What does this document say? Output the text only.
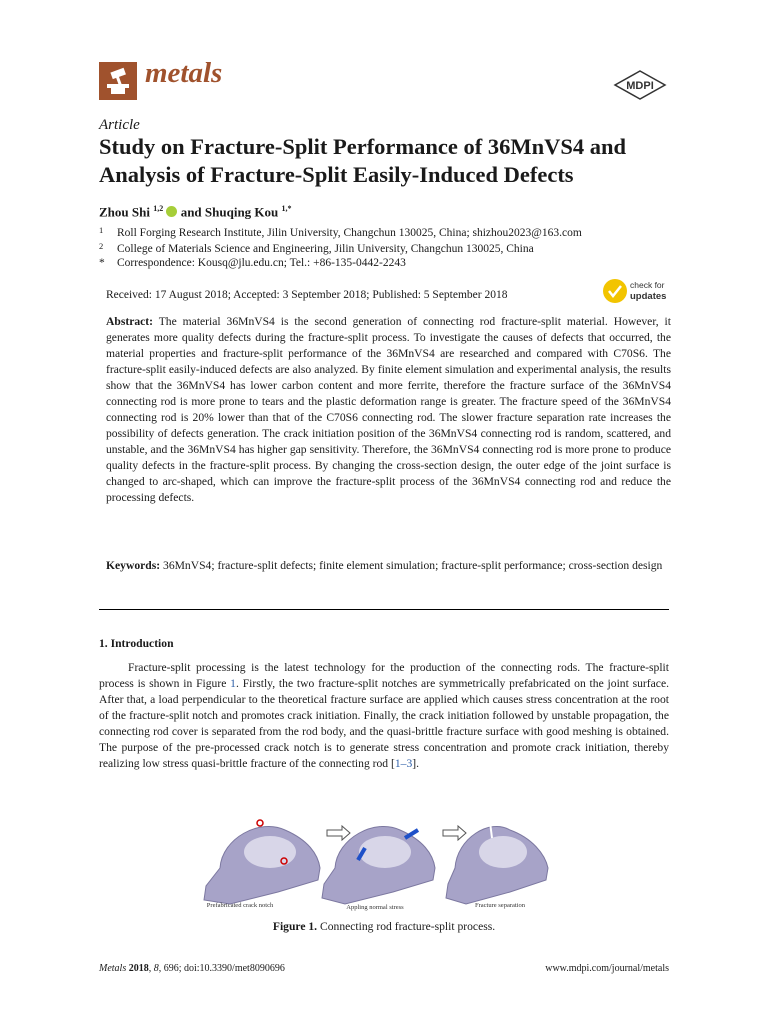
metals	MDPI
Article
Study on Fracture-Split Performance of 36MnVS4 and Analysis of Fracture-Split Easily-Induced Defects
Zhou Shi $^{1,2}$ and Shuqing Kou $^{1,*}$
1 Roll Forging Research Institute, Jilin University, Changchun 130025, China; shizhou2023@163.com
2 College of Materials Science and Engineering, Jilin University, Changchun 130025, China
* Correspondence: Kousq@jlu.edu.cn; Tel.: +86-135-0442-2243
check for
updates
Received: 17 August 2018; Accepted: 3 September 2018; Published: 5 September 2018
Abstract: The material 36MnVS4 is the second generation of connecting rod fracture-split material. However, it generates more quality defects during the fracture-split process. To investigate the causes of defects that occurred, the material properties and fracture-split performance of the 36MnVS4 are researched and compared with C70S6. The fracture-split easily-induced defects are also analyzed. By finite element simulation and experimental analysis, the results show that the 36MnVS4 has lower carbon content and more ferrite, therefore the fracture surface of the 36MnVS4 connecting rod is more prone to tears and the plastic deformation range is greater. The fracture speed of the 36MnVS4 connecting rod is 20% lower than that of the C70S6 connecting rod. The slower fracture separation rate increases the possibility of defects generation. The crack initiation position of the 36MnVS4 connecting rod is random, scattered, and unstable, and the 36MnVS4 has higher gap sensitivity. Therefore, the 36MnVS4 connecting rod is more prone to produce quality defects in the fracture-split process. By changing the cross-section design, the outer edge of the joint surface is changed to arc-shaped, which can improve the fracture-split process of the 36MnVS4 connecting rod and reduce the processing defects.
Keywords: 36MnVS4; fracture-split defects; finite element simulation; fracture-split performance; cross-section design
1. Introduction
Fracture-split processing is the latest technology for the production of the connecting rods. The fracture-split process is shown in Figure 1. Firstly, the two fracture-split notches are symmetrically prefabricated on the joint surface. After that, a load perpendicular to the theoretical fracture surface are applied which causes stress concentration at the root of the fracture-split notch and promotes crack initiation. Finally, the crack initiation followed by unstable propagation, the connecting rod cover is separated from the rod body, and the quasi-brittle fracture surface with good meshing is obtained. The purpose of the pre-processed crack notch is to generate stress concentration and promote crack initiation, thereby realizing low stress quasi-brittle fracture of the connecting rod [1–3].
Prefabricated crack notch	Appling normal stress	Fracture separation
Figure 1. Connecting rod fracture-split process.
Metals 2018, 8, 696; doi:10.3390/met8090696	www.mdpi.com/journal/metals
